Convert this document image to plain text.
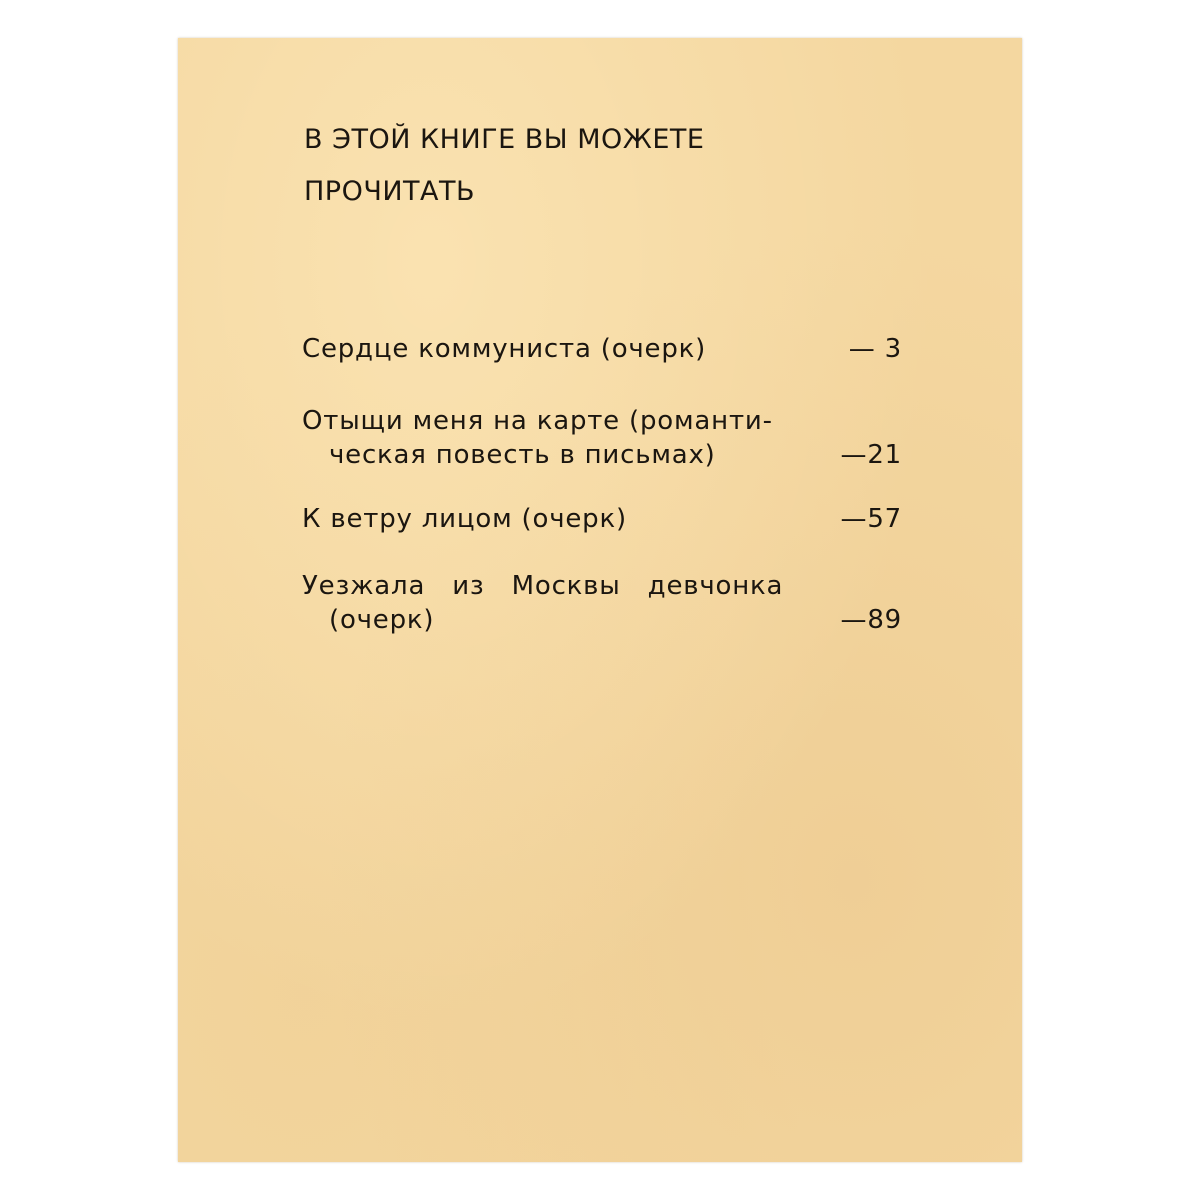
В ЭТОЙ КНИГЕ ВЫ МОЖЕТЕ
ПРОЧИТАТЬ
Сердце коммуниста (очерк)	— 3
Отыщи меня на карте (романти-
ческая повесть в письмах)	—21
К ветру лицом (очерк)	—57
Уезжала из Москвы девчонка
(очерк)	—89
